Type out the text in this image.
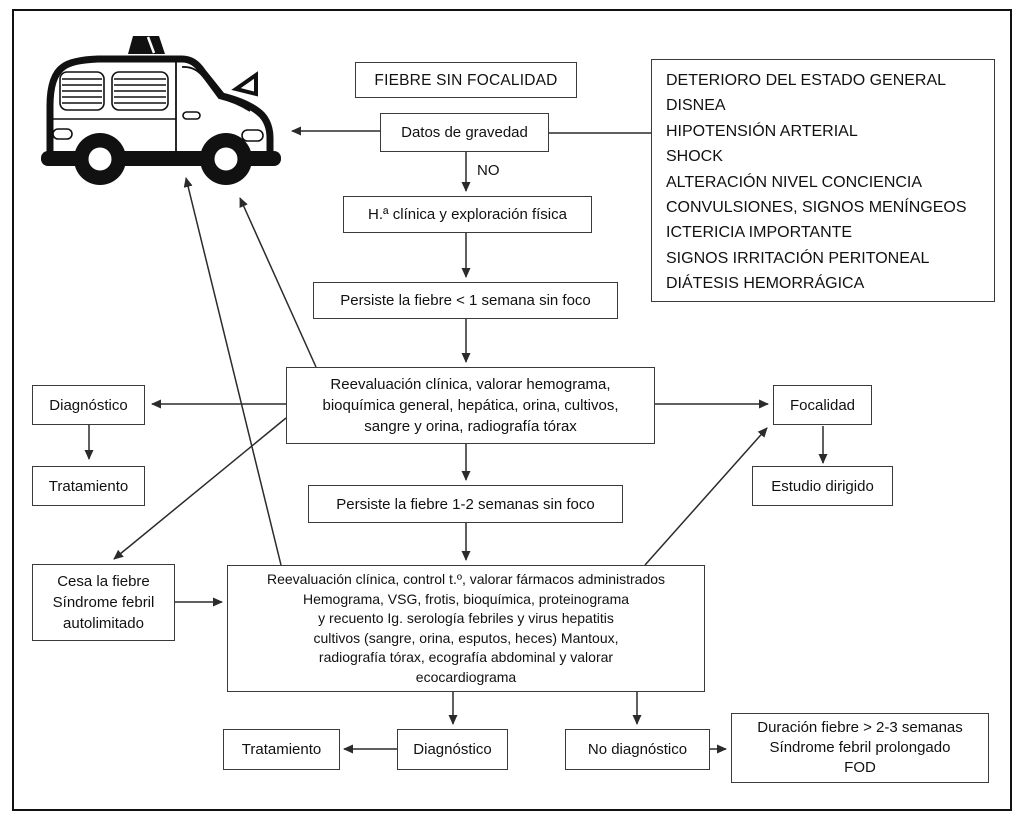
FIEBRE SIN FOCALIDAD	DETERIORO DEL ESTADO GENERAL
DISNEA
HIPOTENSIÓN ARTERIAL
SHOCK
ALTERACIÓN NIVEL CONCIENCIA
CONVULSIONES, SIGNOS MENÍNGEOS
ICTERICIA IMPORTANTE
SIGNOS IRRITACIÓN PERITONEAL
DIÁTESIS HEMORRÁGICA
Datos de gravedad
NO
H.ª clínica y exploración física
Persiste la fiebre < 1 semana sin foco
Reevaluación clínica, valorar hemograma,
bioquímica general, hepática, orina, cultivos,
sangre y orina, radiografía tórax
Diagnóstico
Tratamiento
Focalidad
Estudio dirigido
Persiste la fiebre 1-2 semanas sin foco
Cesa la fiebre
Síndrome febril
autolimitado
Reevaluación clínica, control t.º, valorar fármacos administrados
Hemograma, VSG, frotis, bioquímica, proteinograma
y recuento Ig. serología febriles y virus hepatitis
cultivos (sangre, orina, esputos, heces) Mantoux,
radiografía tórax, ecografía abdominal y valorar
ecocardiograma
Tratamiento	Diagnóstico	No diagnóstico
Duración fiebre > 2-3 semanas
Síndrome febril prolongado
FOD
